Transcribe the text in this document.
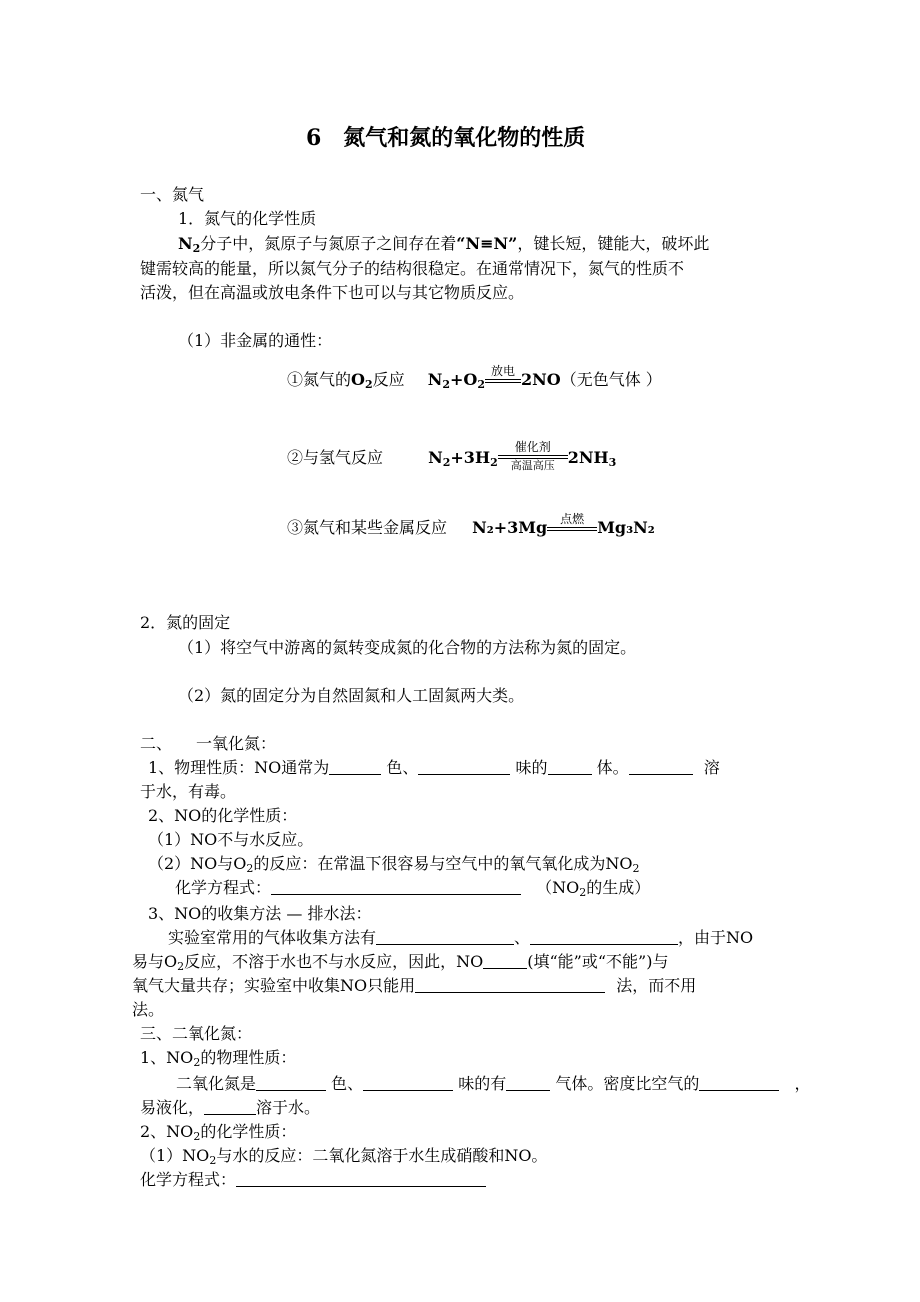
6　氮气和氮的氧化物的性质
一、氮气
1．氮气的化学性质
$N_2$分子中，氮原子与氮原子之间存在着“N≡N”，键长短，键能大，破坏此
键需较高的能量，所以氮气分子的结构很稳定。在通常情况下，氮气的性质不
活泼，但在高温或放电条件下也可以与其它物质反应。
（1）非金属的通性：
①氮气的$O_2$反应 $N_2+O_2$
放电 2NO（无色气体 ）
②与氢气反应	$N_2+3H_2$
催化剂
高温高压 $2NH_3$
③氮气和某些金属反应 N₂+3Mg	点燃 Mg₃N₂
2．氮的固定
（1）将空气中游离的氮转变成氮的化合物的方法称为氮的固定。
（2）氮的固定分为自然固氮和人工固氮两大类。
二、　　一氧化氮：
1、物理性质：NO通常为	色、	味的	体。	溶
于水，有毒。
2、NO的化学性质：
（1）NO不与水反应。
（2）NO与$O_2$的反应：在常温下很容易与空气中的氧气氧化成为$NO_2$
化学方程式：	（$NO_2$的生成）
3、NO的收集方法 — 排水法：
实验室常用的气体收集方法有	、	，由于NO
易与$O_2$反应，不溶于水也不与水反应，因此，NO	(填“能”或“不能”)与
氧气大量共存；实验室中收集NO只能用	法，而不用
法。
三、二氧化氮：
1、$NO_2$的物理性质：
二氧化氮是	色、	味的有	气体。密度比空气的	，
易液化，	溶于水。
2、$NO_2$的化学性质：
$(1)NO_2$与水的反应：二氧化氮溶于水生成硝酸和NO。
化学方程式：
